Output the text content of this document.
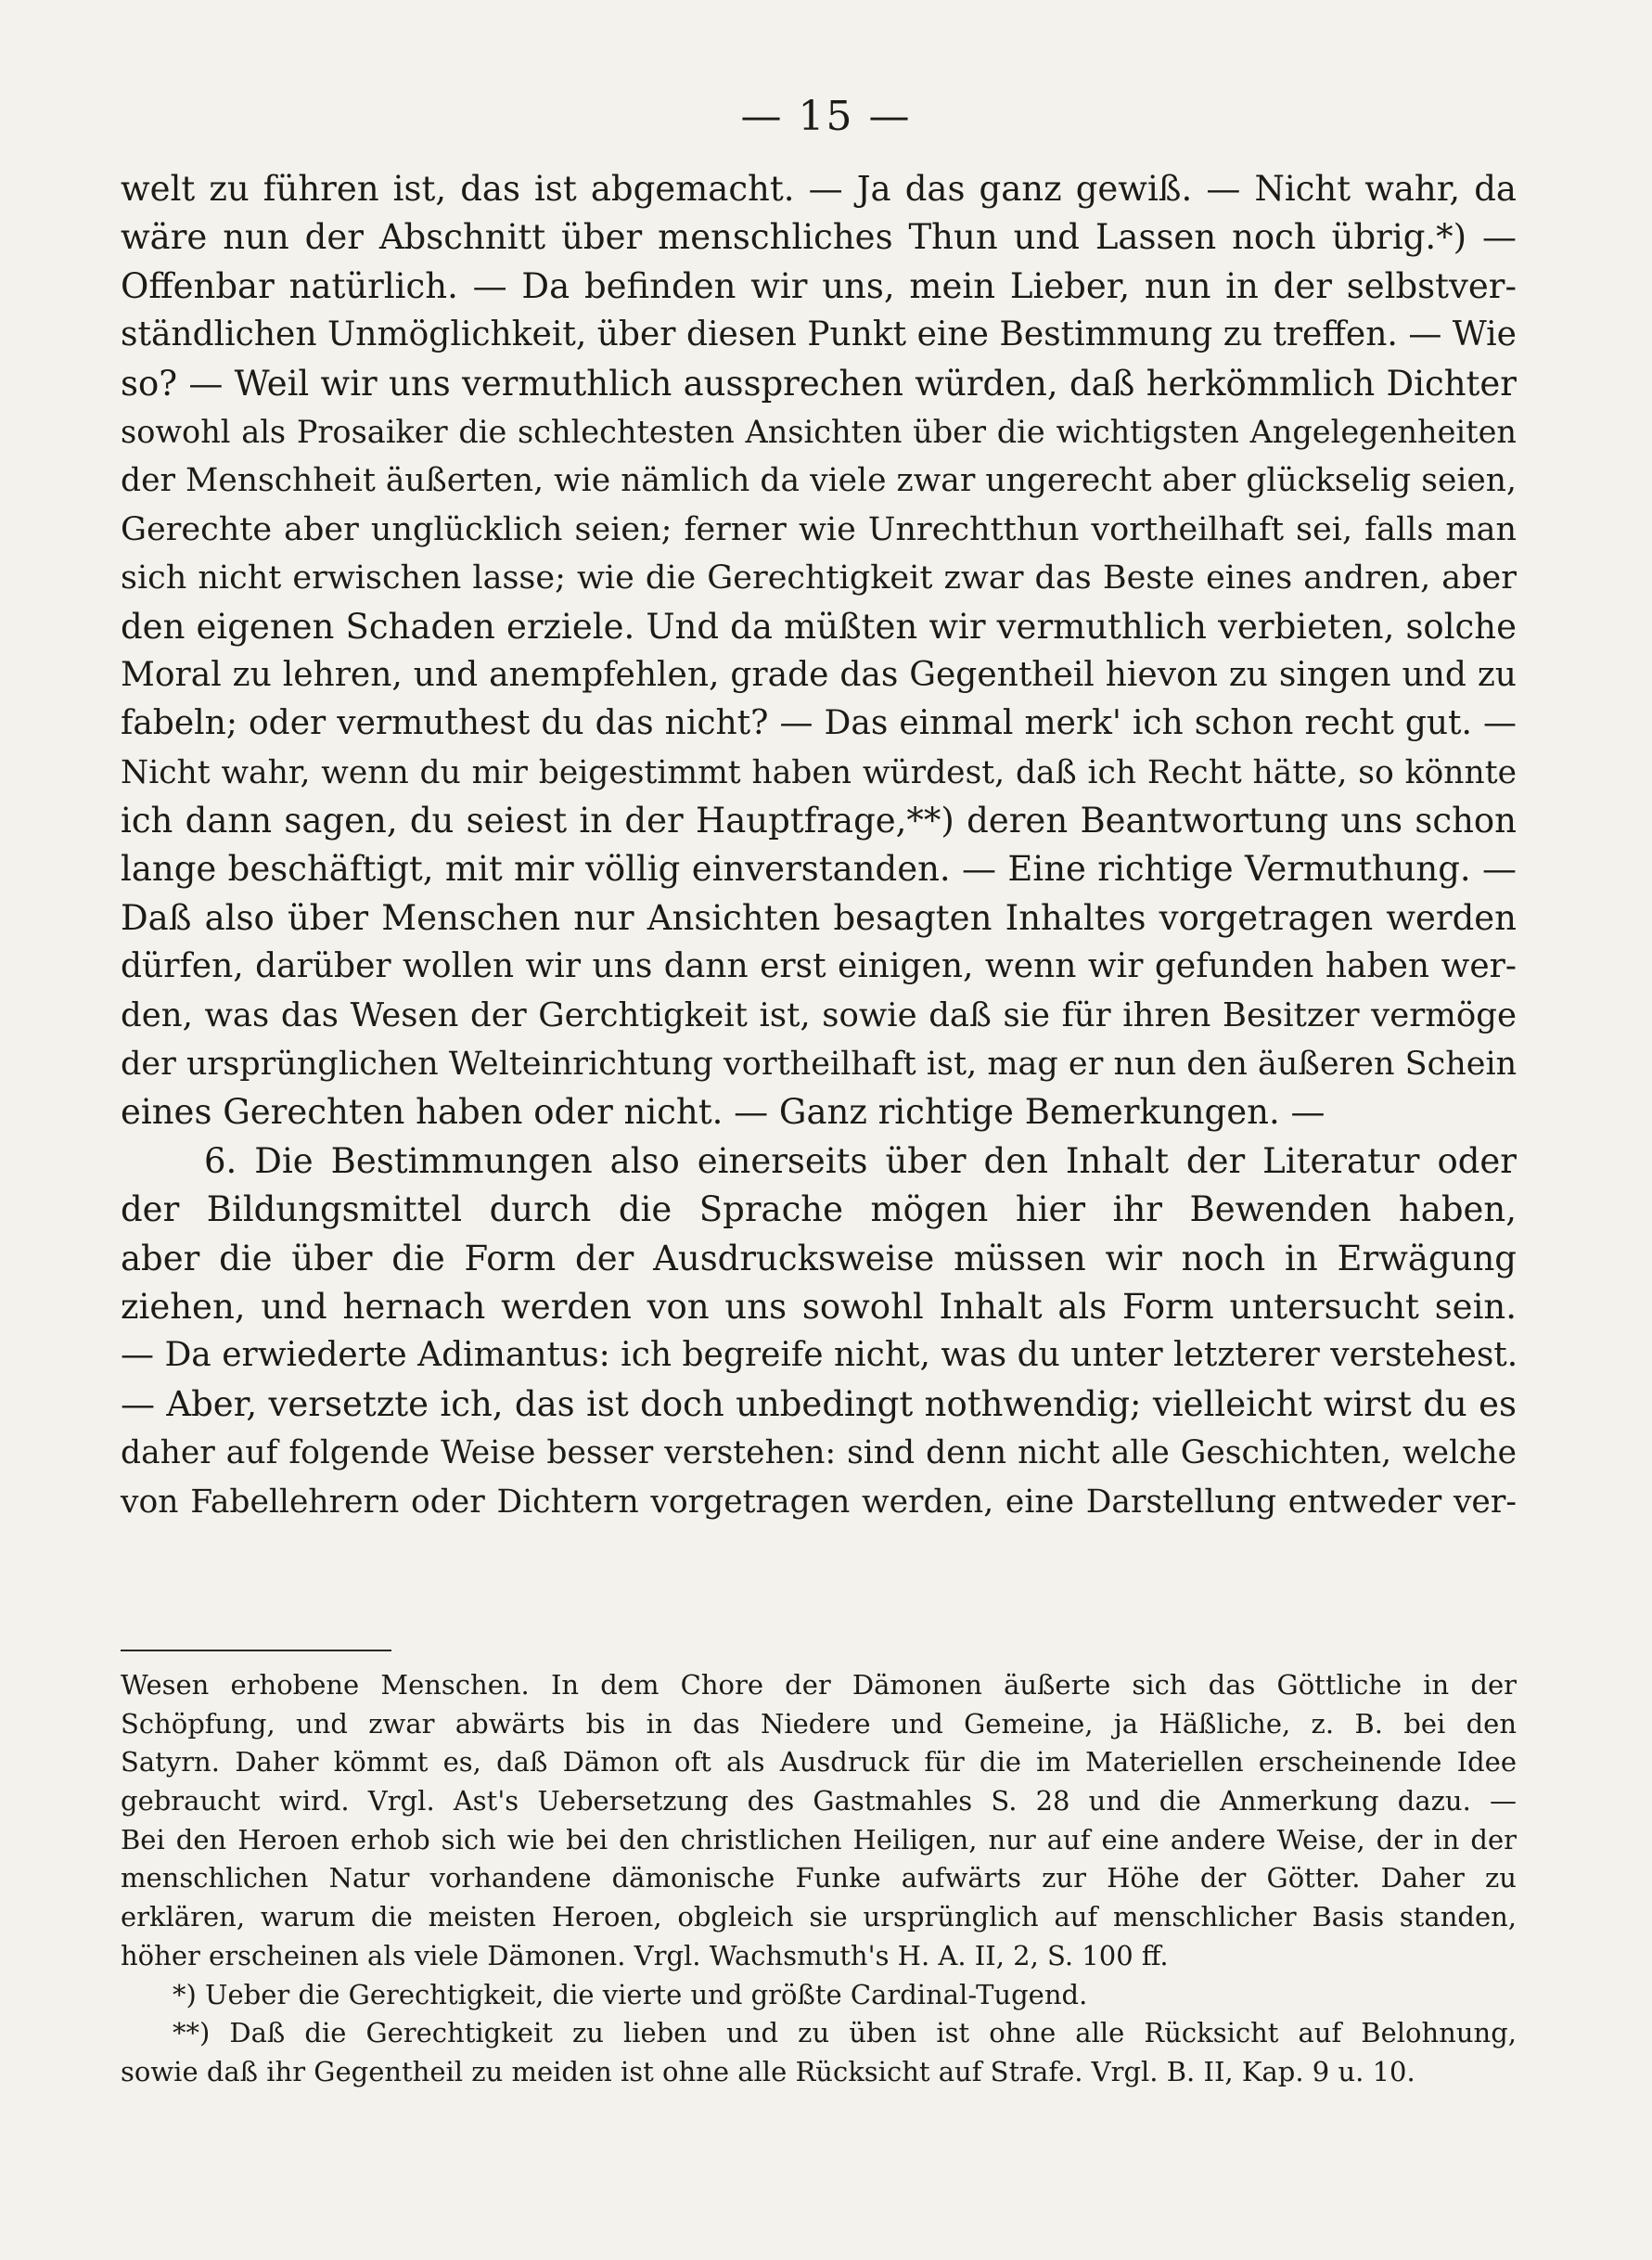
— 15 —
welt zu führen ist, das ist abgemacht. — Ja das ganz gewiß. — Nicht wahr, da
wäre nun der Abschnitt über menschliches Thun und Lassen noch übrig.*) —
Offenbar natürlich. — Da befinden wir uns, mein Lieber, nun in der selbstver-
ständlichen Unmöglichkeit, über diesen Punkt eine Bestimmung zu treffen. — Wie
so? — Weil wir uns vermuthlich aussprechen würden, daß herkömmlich Dichter
sowohl als Prosaiker die schlechtesten Ansichten über die wichtigsten Angelegenheiten
der Menschheit äußerten, wie nämlich da viele zwar ungerecht aber glückselig seien,
Gerechte aber unglücklich seien; ferner wie Unrechtthun vortheilhaft sei, falls man
sich nicht erwischen lasse; wie die Gerechtigkeit zwar das Beste eines andren, aber
den eigenen Schaden erziele. Und da müßten wir vermuthlich verbieten, solche
Moral zu lehren, und anempfehlen, grade das Gegentheil hievon zu singen und zu
fabeln; oder vermuthest du das nicht? — Das einmal merk' ich schon recht gut. —
Nicht wahr, wenn du mir beigestimmt haben würdest, daß ich Recht hätte, so könnte
ich dann sagen, du seiest in der Hauptfrage,**) deren Beantwortung uns schon
lange beschäftigt, mit mir völlig einverstanden. — Eine richtige Vermuthung. —
Daß also über Menschen nur Ansichten besagten Inhaltes vorgetragen werden
dürfen, darüber wollen wir uns dann erst einigen, wenn wir gefunden haben wer-
den, was das Wesen der Gerchtigkeit ist, sowie daß sie für ihren Besitzer vermöge
der ursprünglichen Welteinrichtung vortheilhaft ist, mag er nun den äußeren Schein
eines Gerechten haben oder nicht. — Ganz richtige Bemerkungen. —
6. Die Bestimmungen also einerseits über den Inhalt der Literatur oder
der Bildungsmittel durch die Sprache mögen hier ihr Bewenden haben,
aber die über die Form der Ausdrucksweise müssen wir noch in Erwägung
ziehen, und hernach werden von uns sowohl Inhalt als Form untersucht sein.
— Da erwiederte Adimantus: ich begreife nicht, was du unter letzterer verstehest.
— Aber, versetzte ich, das ist doch unbedingt nothwendig; vielleicht wirst du es
daher auf folgende Weise besser verstehen: sind denn nicht alle Geschichten, welche
von Fabellehrern oder Dichtern vorgetragen werden, eine Darstellung entweder ver-
Wesen erhobene Menschen. In dem Chore der Dämonen äußerte sich das Göttliche in der
Schöpfung, und zwar abwärts bis in das Niedere und Gemeine, ja Häßliche, z. B. bei den
Satyrn. Daher kömmt es, daß Dämon oft als Ausdruck für die im Materiellen erscheinende Idee
gebraucht wird. Vrgl. Ast's Uebersetzung des Gastmahles S. 28 und die Anmerkung dazu. —
Bei den Heroen erhob sich wie bei den christlichen Heiligen, nur auf eine andere Weise, der in der
menschlichen Natur vorhandene dämonische Funke aufwärts zur Höhe der Götter. Daher zu
erklären, warum die meisten Heroen, obgleich sie ursprünglich auf menschlicher Basis standen,
höher erscheinen als viele Dämonen. Vrgl. Wachsmuth's H. A. II, 2, S. 100 ff.
*) Ueber die Gerechtigkeit, die vierte und größte Cardinal-Tugend.
**) Daß die Gerechtigkeit zu lieben und zu üben ist ohne alle Rücksicht auf Belohnung,
sowie daß ihr Gegentheil zu meiden ist ohne alle Rücksicht auf Strafe. Vrgl. B. II, Kap. 9 u. 10.
